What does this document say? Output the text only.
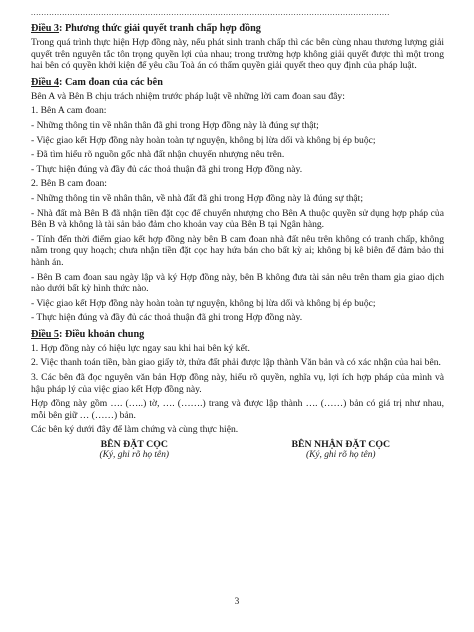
..........................................................................................................................................
Điều 3: Phương thức giải quyết tranh chấp hợp đồng

Trong quá trình thực hiện Hợp đồng này, nếu phát sinh tranh chấp thì các bên cùng nhau thương lượng giải quyết trên nguyên tắc tôn trọng quyền lợi của nhau; trong trường hợp không giải quyết được thì một trong hai bên có quyền khởi kiện để yêu cầu Toà án có thẩm quyền giải quyết theo quy định của pháp luật.

Điều 4: Cam đoan của các bên

Bên A và Bên B chịu trách nhiệm trước pháp luật về những lời cam đoan sau đây:

1. Bên A cam đoan:

- Những thông tin về nhân thân đã ghi trong Hợp đồng này là đúng sự thật;

- Việc giao kết Hợp đồng này hoàn toàn tự nguyện, không bị lừa dối và không bị ép buộc;

- Đã tìm hiểu rõ nguồn gốc nhà đất nhận chuyển nhượng nêu trên.

- Thực hiện đúng và đầy đủ các thoả thuận đã ghi trong Hợp đồng này.

2. Bên B cam đoan:

- Những thông tin về nhân thân, về nhà đất đã ghi trong Hợp đồng này là đúng sự thật;

- Nhà đất mà Bên B đã nhận tiền đặt cọc để chuyển nhượng cho Bên A thuộc quyền sử dụng hợp pháp của Bên B và không là tài sản bảo đảm cho khoản vay của Bên B tại Ngân hàng.

- Tính đến thời điểm giao kết hợp đồng này bên B cam đoan nhà đất nêu trên không có tranh chấp, không nằm trong quy hoạch; chưa nhận tiền đặt cọc hay hứa bán cho bất kỳ ai; không bị kê biên để đảm bảo thi hành án.

- Bên B cam đoan sau ngày lập và ký Hợp đồng này, bên B không đưa tài sản nêu trên tham gia giao dịch nào dưới bất kỳ hình thức nào.

- Việc giao kết Hợp đồng này hoàn toàn tự nguyện, không bị lừa dối và không bị ép buộc;

- Thực hiện đúng và đầy đủ các thoả thuận đã ghi trong Hợp đồng này.

Điều 5: Điều khoản chung

1. Hợp đồng này có hiệu lực ngay sau khi hai bên ký kết.

2. Việc thanh toán tiền, bàn giao giấy tờ, thửa đất phải được lập thành Văn bản và có xác nhận của hai bên.

3. Các bên đã đọc nguyên văn bản Hợp đồng này, hiểu rõ quyền, nghĩa vụ, lợi ích hợp pháp của mình và hậu pháp lý của việc giao kết Hợp đồng này.

Hợp đồng này gồm …. (…..) tờ, …. (…….) trang và được lập thành …. (……) bản có giá trị như nhau, mỗi bên giữ … (……) bản.

Các bên ký dưới đây để làm chứng và cùng thực hiện.

BÊN ĐẶT CỌC
(Ký, ghi rõ họ tên)
BÊN NHẬN ĐẶT CỌC
(Ký, ghi rõ họ tên)
3
